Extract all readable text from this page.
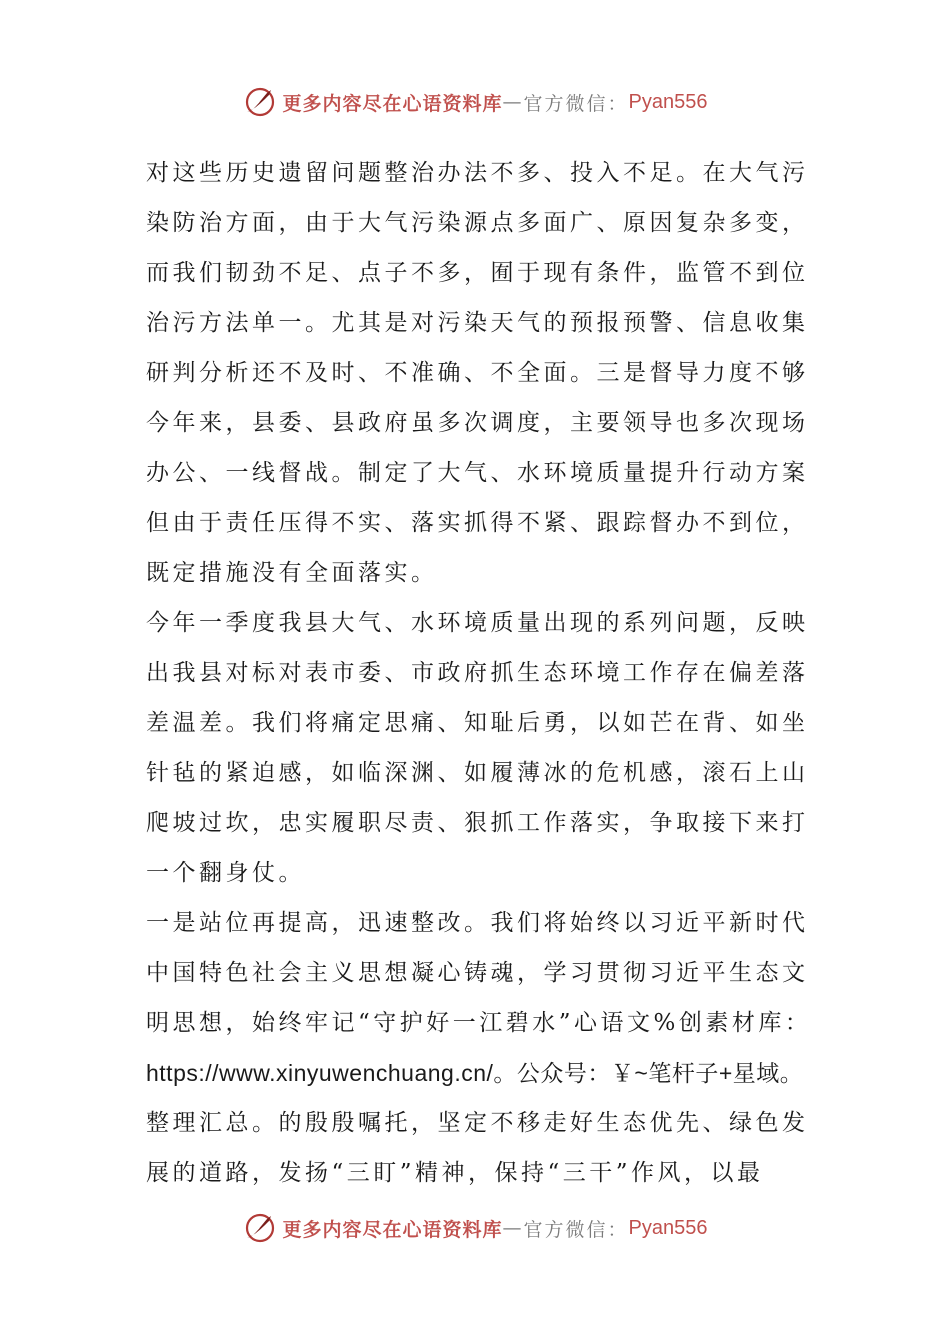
更多内容尽在心语资料库 — 官方微信： Pyan556
对这些历史遗留问题整治办法不多、投入不足。在大气污
染防治方面，由于大气污染源点多面广、原因复杂多变，
而我们韧劲不足、点子不多，囿于现有条件，监管不到位
治污方法单一。尤其是对污染天气的预报预警、信息收集
研判分析还不及时、不准确、不全面。三是督导力度不够
今年来，县委、县政府虽多次调度，主要领导也多次现场
办公、一线督战。制定了大气、水环境质量提升行动方案
但由于责任压得不实、落实抓得不紧、跟踪督办不到位，
既定措施没有全面落实。
今年一季度我县大气、水环境质量出现的系列问题，反映
出我县对标对表市委、市政府抓生态环境工作存在偏差落
差温差。我们将痛定思痛、知耻后勇，以如芒在背、如坐
针毡的紧迫感，如临深渊、如履薄冰的危机感，滚石上山
爬坡过坎，忠实履职尽责、狠抓工作落实，争取接下来打
一个翻身仗。
一是站位再提高，迅速整改。我们将始终以习近平新时代
中国特色社会主义思想凝心铸魂，学习贯彻习近平生态文
明思想，始终牢记“守护好一江碧水”心语文%创素材库：
https://www.xinyuwenchuang.cn/。公众号：￥~笔杆子+星域。
整理汇总。的殷殷嘱托，坚定不移走好生态优先、绿色发
展的道路，发扬“三盯”精神，保持“三干”作风，以最
更多内容尽在心语资料库 — 官方微信： Pyan556
